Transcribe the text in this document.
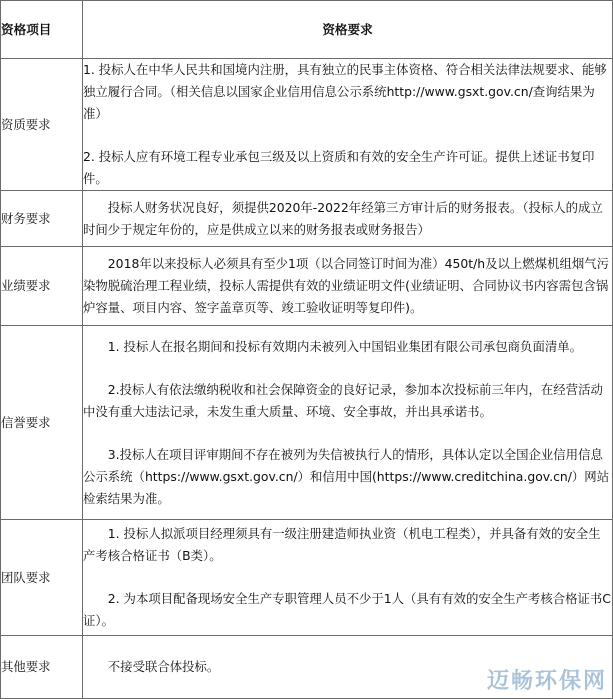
资格项目	资格要求
资质要求	1. 投标人在中华人民共和国境内注册，具有独立的民事主体资格、符合相关法律法规要求、能够独立履行合同。（相关信息以国家企业信用信息公示系统http://www.gsxt.gov.cn/查询结果为准）

2. 投标人应有环境工程专业承包三级及以上资质和有效的安全生产许可证。提供上述证书复印件。

财务要求	投标人财务状况良好，须提供2020年-2022年经第三方审计后的财务报表。（投标人的成立时间少于规定年份的，应是供成立以来的财务报表或财务报告）

业绩要求	2018年以来投标人必须具有至少1项（以合同签订时间为准）450t/h及以上燃煤机组烟气污染物脱硫治理工程业绩，投标人需提供有效的业绩证明文件(业绩证明、合同协议书内容需包含锅炉容量、项目内容、签字盖章页等、竣工验收证明等复印件)。

信誉要求	1. 投标人在报名期间和投标有效期内未被列入中国铝业集团有限公司承包商负面清单。

2.投标人有依法缴纳税收和社会保障资金的良好记录，参加本次投标前三年内，在经营活动中没有重大违法记录，未发生重大质量、环境、安全事故，并出具承诺书。

3.投标人在项目评审期间不存在被列为失信被执行人的情形，具体认定以全国企业信用信息公示系统（https://www.gsxt.gov.cn/）和信用中国(https://www.creditchina.gov.cn/）网站检索结果为准。

团队要求	1. 投标人拟派项目经理须具有一级注册建造师执业资（机电工程类），并具备有效的安全生产考核合格证书（B类）。

2. 为本项目配备现场安全生产专职管理人员不少于1人（具有有效的安全生产考核合格证书C证）。

其他要求	不接受联合体投标。

迈畅环保网
